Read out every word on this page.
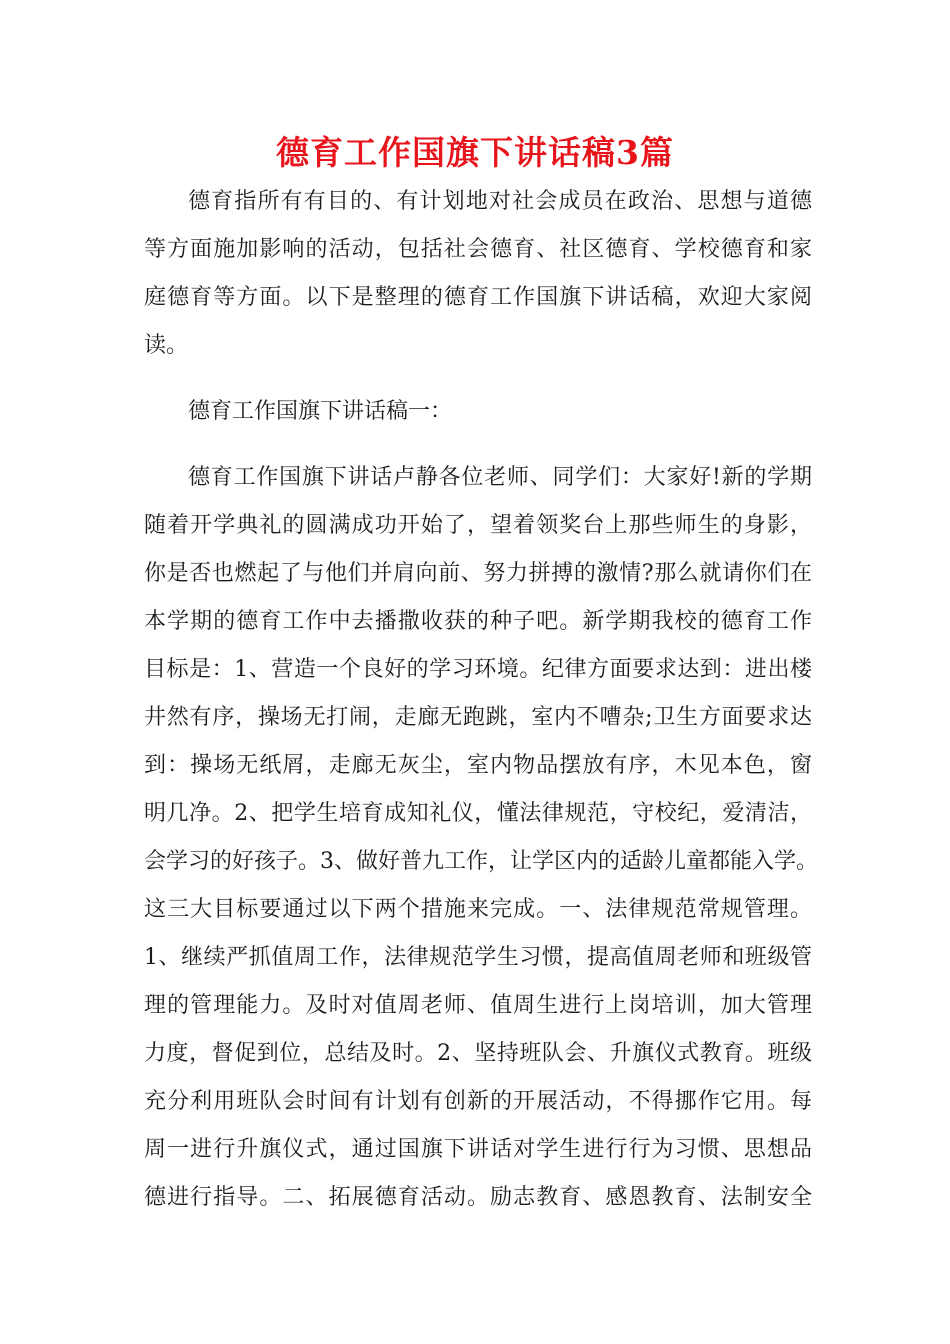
德育工作国旗下讲话稿3篇
德育指所有有目的、有计划地对社会成员在政治、思想与道德
等方面施加影响的活动，包括社会德育、社区德育、学校德育和家
庭德育等方面。以下是整理的德育工作国旗下讲话稿，欢迎大家阅
读。
德育工作国旗下讲话稿一：
德育工作国旗下讲话卢静各位老师、同学们：大家好!新的学期
随着开学典礼的圆满成功开始了，望着领奖台上那些师生的身影，
你是否也燃起了与他们并肩向前、努力拼搏的激情?那么就请你们在
本学期的德育工作中去播撒收获的种子吧。新学期我校的德育工作
目标是：1、营造一个良好的学习环境。纪律方面要求达到：进出楼
井然有序，操场无打闹，走廊无跑跳，室内不嘈杂;卫生方面要求达
到：操场无纸屑，走廊无灰尘，室内物品摆放有序，木见本色，窗
明几净。2、把学生培育成知礼仪，懂法律规范，守校纪，爱清洁，
会学习的好孩子。3、做好普九工作，让学区内的适龄儿童都能入学。
这三大目标要通过以下两个措施来完成。一、法律规范常规管理。
1、继续严抓值周工作，法律规范学生习惯，提高值周老师和班级管
理的管理能力。及时对值周老师、值周生进行上岗培训，加大管理
力度，督促到位，总结及时。2、坚持班队会、升旗仪式教育。班级
充分利用班队会时间有计划有创新的开展活动，不得挪作它用。每
周一进行升旗仪式，通过国旗下讲话对学生进行行为习惯、思想品
德进行指导。二、拓展德育活动。励志教育、感恩教育、法制安全
